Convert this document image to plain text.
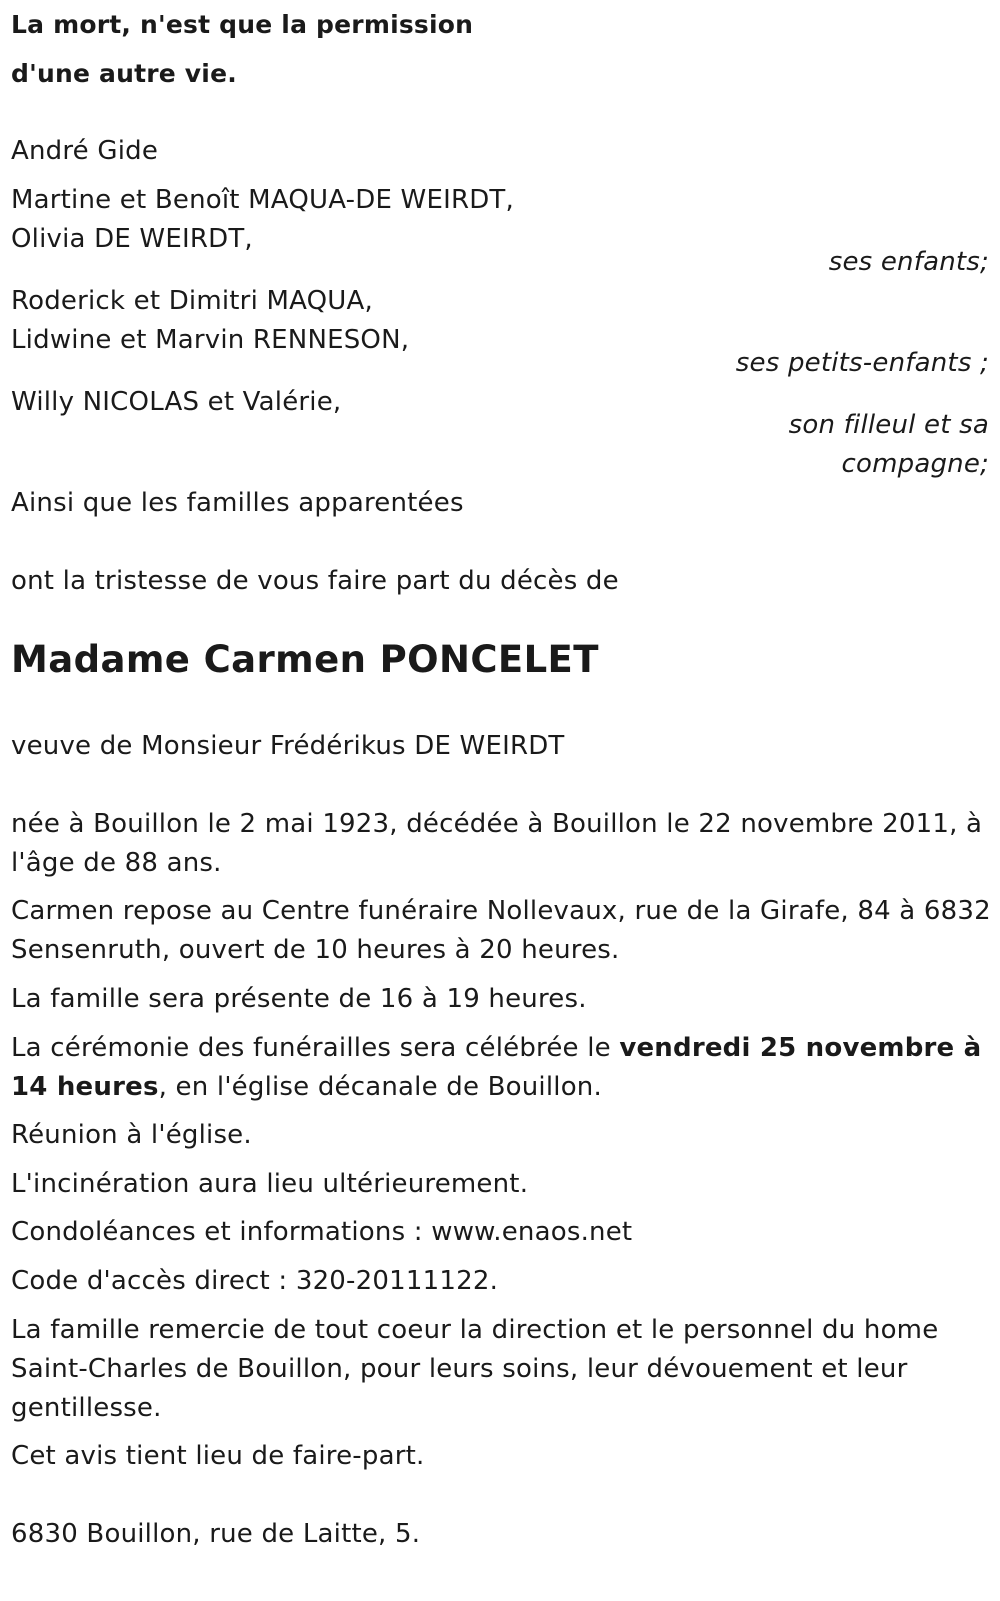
La mort, n'est que la permission
d'une autre vie.
André Gide
Martine et Benoît MAQUA-DE WEIRDT,
Olivia DE WEIRDT,
ses enfants;
Roderick et Dimitri MAQUA,
Lidwine et Marvin RENNESON,
ses petits-enfants ;
Willy NICOLAS et Valérie,
son filleul et sa
compagne;
Ainsi que les familles apparentées
ont la tristesse de vous faire part du décès de
Madame Carmen PONCELET
veuve de Monsieur Frédérikus DE WEIRDT
née à Bouillon le 2 mai 1923, décédée à Bouillon le 22 novembre 2011, à
l'âge de 88 ans.
Carmen repose au Centre funéraire Nollevaux, rue de la Girafe, 84 à 6832
Sensenruth, ouvert de 10 heures à 20 heures.
La famille sera présente de 16 à 19 heures.
La cérémonie des funérailles sera célébrée le vendredi 25 novembre à
14 heures, en l'église décanale de Bouillon.
Réunion à l'église.
L'incinération aura lieu ultérieurement.
Condoléances et informations : www.enaos.net
Code d'accès direct : 320-20111122.
La famille remercie de tout coeur la direction et le personnel du home
Saint-Charles de Bouillon, pour leurs soins, leur dévouement et leur
gentillesse.
Cet avis tient lieu de faire-part.
6830 Bouillon, rue de Laitte, 5.
